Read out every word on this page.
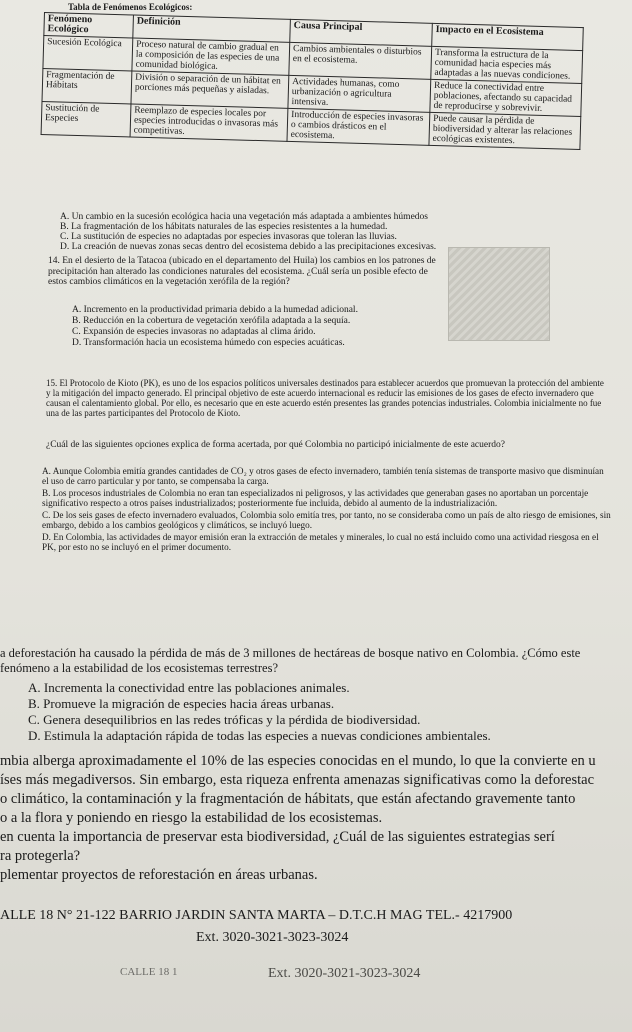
Tabla de Fenómenos Ecológicos:
Fenómeno Ecológico	Definición	Causa Principal	Impacto en el Ecosistema
Sucesión Ecológica	Proceso natural de cambio gradual en la composición de las especies de una comunidad biológica.	Cambios ambientales o disturbios en el ecosistema.	Transforma la estructura de la comunidad hacia especies más adaptadas a las nuevas condiciones.
Fragmentación de Hábitats	División o separación de un hábitat en porciones más pequeñas y aisladas.	Actividades humanas, como urbanización o agricultura intensiva.	Reduce la conectividad entre poblaciones, afectando su capacidad de reproducirse y sobrevivir.
Sustitución de Especies	Reemplazo de especies locales por especies introducidas o invasoras más competitivas.	Introducción de especies invasoras o cambios drásticos en el ecosistema.	Puede causar la pérdida de biodiversidad y alterar las relaciones ecológicas existentes.
A. Un cambio en la sucesión ecológica hacia una vegetación más adaptada a ambientes húmedos
B. La fragmentación de los hábitats naturales de las especies resistentes a la humedad.
C. La sustitución de especies no adaptadas por especies invasoras que toleran las lluvias.
D. La creación de nuevas zonas secas dentro del ecosistema debido a las precipitaciones excesivas.
14. En el desierto de la Tatacoa (ubicado en el departamento del Huila) los cambios en los patrones de precipitación han alterado las condiciones naturales del ecosistema. ¿Cuál sería un posible efecto de estos cambios climáticos en la vegetación xerófila de la región?
A. Incremento en la productividad primaria debido a la humedad adicional.
B. Reducción en la cobertura de vegetación xerófila adaptada a la sequía.
C. Expansión de especies invasoras no adaptadas al clima árido.
D. Transformación hacia un ecosistema húmedo con especies acuáticas.
15. El Protocolo de Kioto (PK), es uno de los espacios políticos universales destinados para establecer acuerdos que promuevan la protección del ambiente y la mitigación del impacto generado. El principal objetivo de este acuerdo internacional es reducir las emisiones de los gases de efecto invernadero que causan el calentamiento global. Por ello, es necesario que en este acuerdo estén presentes las grandes potencias industriales. Colombia inicialmente no fue una de las partes participantes del Protocolo de Kioto.
¿Cuál de las siguientes opciones explica de forma acertada, por qué Colombia no participó inicialmente de este acuerdo?
A. Aunque Colombia emitía grandes cantidades de CO₂ y otros gases de efecto invernadero, también tenía sistemas de transporte masivo que disminuían el uso de carro particular y por tanto, se compensaba la carga.
B. Los procesos industriales de Colombia no eran tan especializados ni peligrosos, y las actividades que generaban gases no aportaban un porcentaje significativo respecto a otros países industrializados; posteriormente fue incluida, debido al aumento de la industrialización.
C. De los seis gases de efecto invernadero evaluados, Colombia solo emitía tres, por tanto, no se consideraba como un país de alto riesgo de emisiones, sin embargo, debido a los cambios geológicos y climáticos, se incluyó luego.
D. En Colombia, las actividades de mayor emisión eran la extracción de metales y minerales, lo cual no está incluido como una actividad riesgosa en el PK, por esto no se incluyó en el primer documento.
a deforestación ha causado la pérdida de más de 3 millones de hectáreas de bosque nativo en Colombia. ¿Cómo este fenómeno a la estabilidad de los ecosistemas terrestres?
A. Incrementa la conectividad entre las poblaciones animales.
B. Promueve la migración de especies hacia áreas urbanas.
C. Genera desequilibrios en las redes tróficas y la pérdida de biodiversidad.
D. Estimula la adaptación rápida de todas las especies a nuevas condiciones ambientales.
mbia alberga aproximadamente el 10% de las especies conocidas en el mundo, lo que la convierte en u
íses más megadiversos. Sin embargo, esta riqueza enfrenta amenazas significativas como la deforestac
o climático, la contaminación y la fragmentación de hábitats, que están afectando gravemente tanto
o a la flora y poniendo en riesgo la estabilidad de los ecosistemas.
en cuenta la importancia de preservar esta biodiversidad, ¿Cuál de las siguientes estrategias serí
ra protegerla?
plementar proyectos de reforestación en áreas urbanas.
ALLE 18 N° 21-122 BARRIO JARDIN SANTA MARTA – D.T.C.H MAG TEL.- 4217900
Ext. 3020-3021-3023-3024
CALLE 18 1	Ext. 3020-3021-3023-3024
